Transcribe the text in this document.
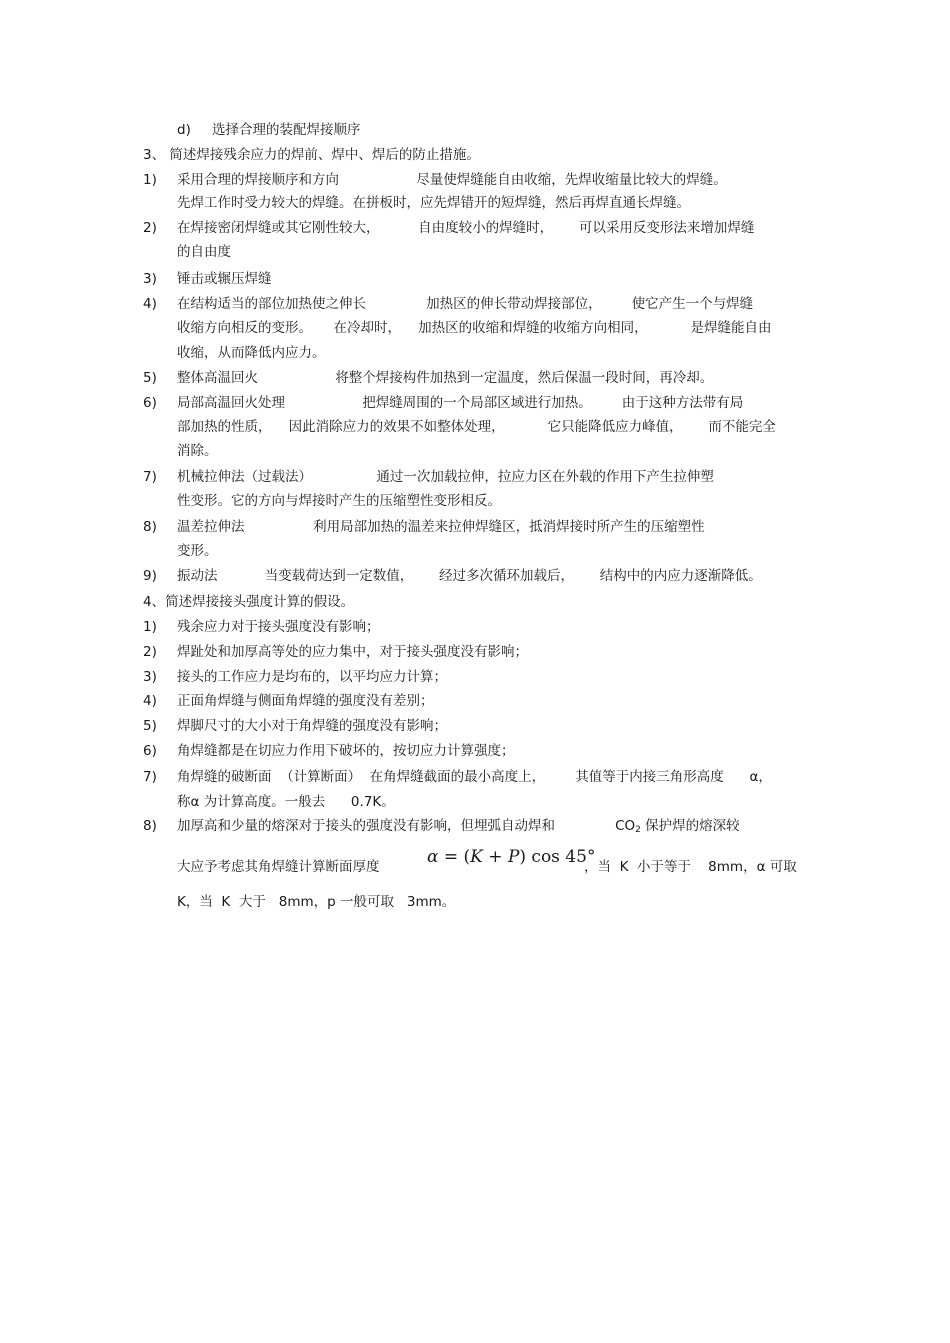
d) 选择合理的装配焊接顺序
3、 简述焊接残余应力的焊前、焊中、焊后的防止措施。
1) 采用合理的焊接顺序和方向                  尽量使焊缝能自由收缩，先焊收缩量比较大的焊缝。
先焊工作时受力较大的焊缝。在拼板时，应先焊错开的短焊缝，然后再焊直通长焊缝。
2) 在焊接密闭焊缝或其它刚性较大，         自由度较小的焊缝时，      可以采用反变形法来增加焊缝
的自由度
3) 锤击或辗压焊缝
4) 在结构适当的部位加热使之伸长              加热区的伸长带动焊接部位，       使它产生一个与焊缝
收缩方向相反的变形。     在冷却时，    加热区的收缩和焊缝的收缩方向相同，          是焊缝能自由
收缩，从而降低内应力。
5) 整体高温回火                  将整个焊接构件加热到一定温度，然后保温一段时间，再冷却。
6) 局部高温回火处理                  把焊缝周围的一个局部区域进行加热。       由于这种方法带有局
部加热的性质，    因此消除应力的效果不如整体处理，          它只能降低应力峰值，      而不能完全
消除。
7) 机械拉伸法（过载法）               通过一次加载拉伸，拉应力区在外载的作用下产生拉伸塑
性变形。它的方向与焊接时产生的压缩塑性变形相反。
8) 温差拉伸法                利用局部加热的温差来拉伸焊缝区，抵消焊接时所产生的压缩塑性
变形。
9) 振动法           当变载荷达到一定数值，      经过多次循环加载后，      结构中的内应力逐渐降低。
4、简述焊接接头强度计算的假设。
1) 残余应力对于接头强度没有影响；
2) 焊趾处和加厚高等处的应力集中，对于接头强度没有影响；
3) 接头的工作应力是均布的，以平均应力计算；
4) 正面角焊缝与侧面角焊缝的强度没有差别；
5) 焊脚尺寸的大小对于角焊缝的强度没有影响；
6) 角焊缝都是在切应力作用下破坏的，按切应力计算强度；
7) 角焊缝的破断面  （计算断面）  在角焊缝截面的最小高度上，       其值等于内接三角形高度      α，
称α 为计算高度。一般去      0.7K。
8) 加厚高和少量的熔深对于接头的强度没有影响，但埋弧自动焊和              $CO_2$ 保护焊的熔深较
大应予考虑其角焊缝计算断面厚度	α = (K + P) cos 45°
，当  K  小于等于    8mm，α 可取
K，当  K  大于   8mm，p 一般可取   3mm。
